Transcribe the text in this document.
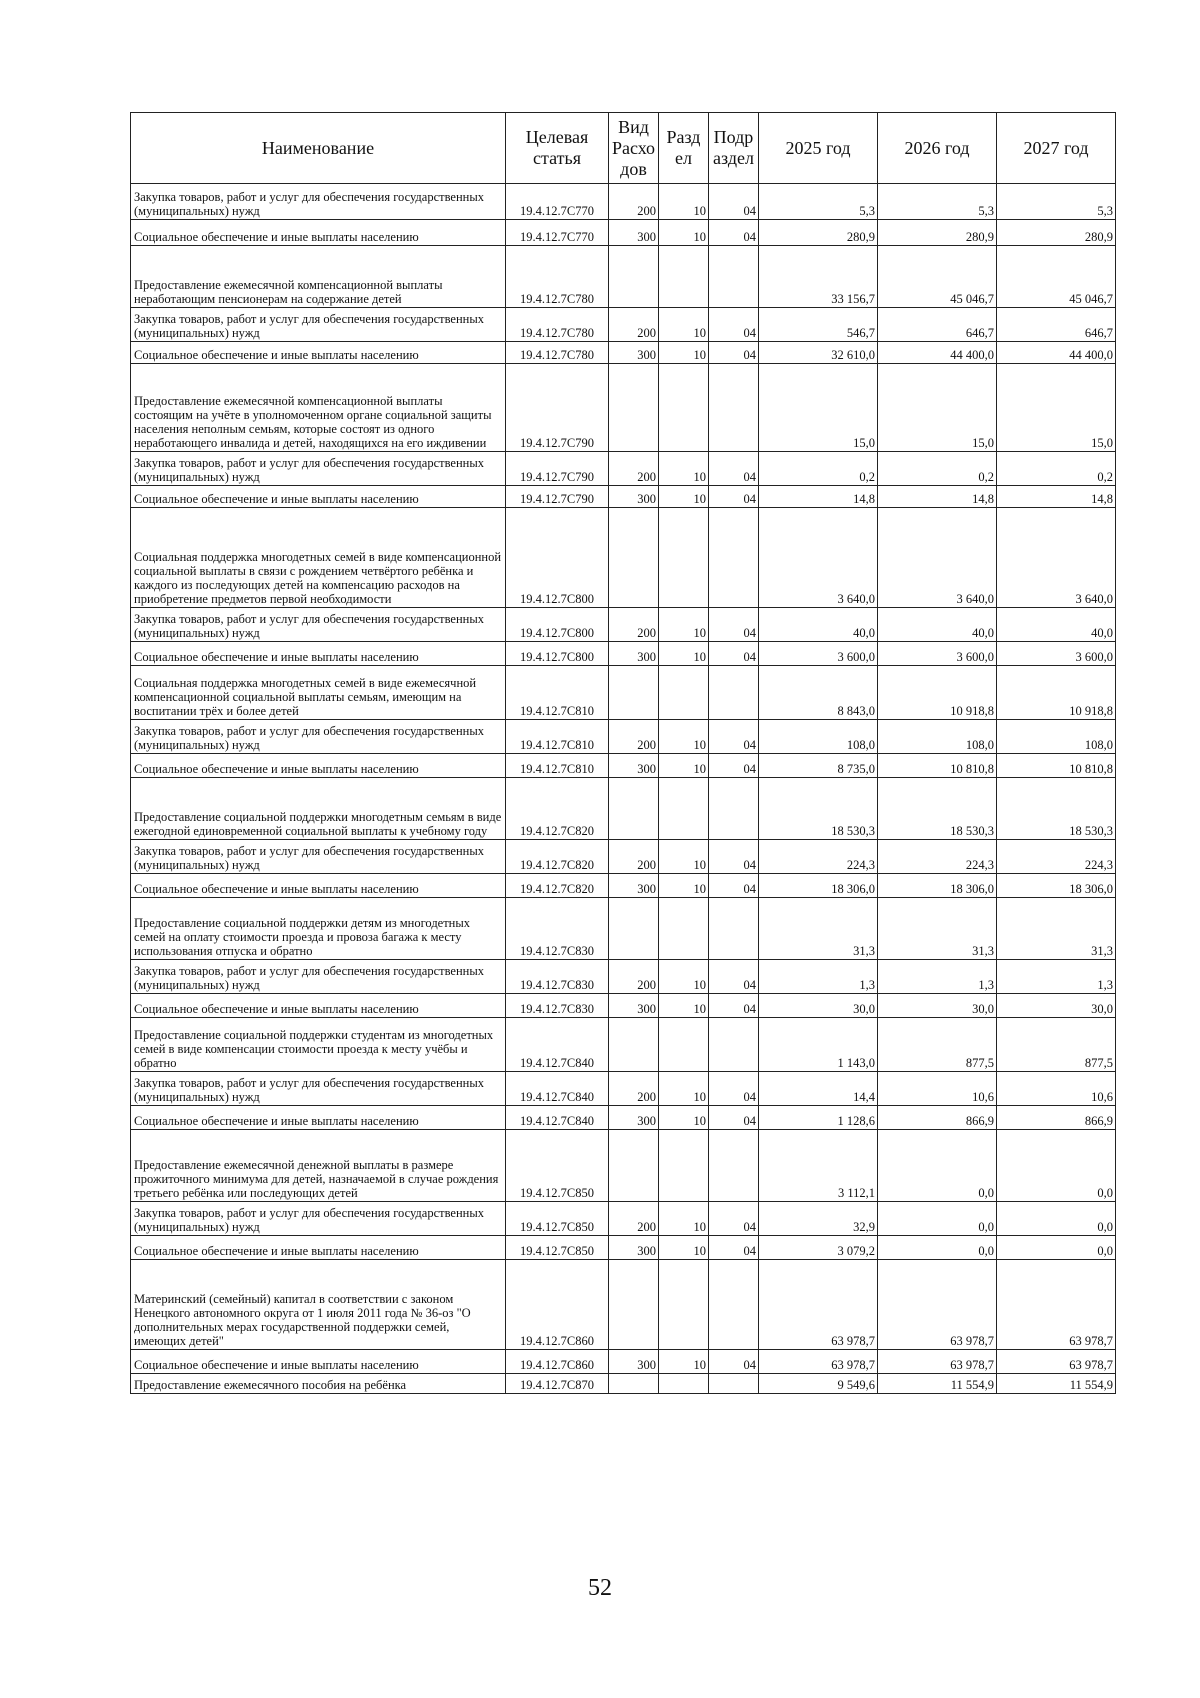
Наименование	Целевая статья	Вид Расхо дов	Разд ел	Подр аздел	2025 год	2026 год	2027 год
Закупка товаров, работ и услуг для обеспечения государственных (муниципальных) нужд	19.4.12.7С770	200	10	04	5,3	5,3	5,3
Социальное обеспечение и иные выплаты населению	19.4.12.7С770	300	10	04	280,9	280,9	280,9
Предоставление ежемесячной компенсационной выплаты неработающим пенсионерам на содержание детей	19.4.12.7С780				33 156,7	45 046,7	45 046,7
Закупка товаров, работ и услуг для обеспечения государственных (муниципальных) нужд	19.4.12.7С780	200	10	04	546,7	646,7	646,7
Социальное обеспечение и иные выплаты населению	19.4.12.7С780	300	10	04	32 610,0	44 400,0	44 400,0
Предоставление ежемесячной компенсационной выплаты состоящим на учёте в уполномоченном органе социальной защиты населения неполным семьям, которые состоят из одного неработающего инвалида и детей, находящихся на его иждивении	19.4.12.7С790				15,0	15,0	15,0
Закупка товаров, работ и услуг для обеспечения государственных (муниципальных) нужд	19.4.12.7С790	200	10	04	0,2	0,2	0,2
Социальное обеспечение и иные выплаты населению	19.4.12.7С790	300	10	04	14,8	14,8	14,8
Социальная поддержка многодетных семей в виде компенсационной социальной выплаты в связи с рождением четвёртого ребёнка и каждого из последующих детей на компенсацию расходов на приобретение предметов первой необходимости	19.4.12.7С800				3 640,0	3 640,0	3 640,0
Закупка товаров, работ и услуг для обеспечения государственных (муниципальных) нужд	19.4.12.7С800	200	10	04	40,0	40,0	40,0
Социальное обеспечение и иные выплаты населению	19.4.12.7С800	300	10	04	3 600,0	3 600,0	3 600,0
Социальная поддержка многодетных семей в виде ежемесячной компенсационной социальной выплаты семьям, имеющим на воспитании трёх и более детей	19.4.12.7С810				8 843,0	10 918,8	10 918,8
Закупка товаров, работ и услуг для обеспечения государственных (муниципальных) нужд	19.4.12.7С810	200	10	04	108,0	108,0	108,0
Социальное обеспечение и иные выплаты населению	19.4.12.7С810	300	10	04	8 735,0	10 810,8	10 810,8
Предоставление социальной поддержки многодетным семьям в виде ежегодной единовременной социальной выплаты к учебному году	19.4.12.7С820				18 530,3	18 530,3	18 530,3
Закупка товаров, работ и услуг для обеспечения государственных (муниципальных) нужд	19.4.12.7С820	200	10	04	224,3	224,3	224,3
Социальное обеспечение и иные выплаты населению	19.4.12.7С820	300	10	04	18 306,0	18 306,0	18 306,0
Предоставление социальной поддержки детям из многодетных семей на оплату стоимости проезда и провоза багажа к месту использования отпуска и обратно	19.4.12.7С830				31,3	31,3	31,3
Закупка товаров, работ и услуг для обеспечения государственных (муниципальных) нужд	19.4.12.7С830	200	10	04	1,3	1,3	1,3
Социальное обеспечение и иные выплаты населению	19.4.12.7С830	300	10	04	30,0	30,0	30,0
Предоставление социальной поддержки студентам из многодетных семей в виде компенсации стоимости проезда к месту учёбы и обратно	19.4.12.7С840				1 143,0	877,5	877,5
Закупка товаров, работ и услуг для обеспечения государственных (муниципальных) нужд	19.4.12.7С840	200	10	04	14,4	10,6	10,6
Социальное обеспечение и иные выплаты населению	19.4.12.7С840	300	10	04	1 128,6	866,9	866,9
Предоставление ежемесячной денежной выплаты в размере прожиточного минимума для детей, назначаемой в случае рождения третьего ребёнка или последующих детей	19.4.12.7С850				3 112,1	0,0	0,0
Закупка товаров, работ и услуг для обеспечения государственных (муниципальных) нужд	19.4.12.7С850	200	10	04	32,9	0,0	0,0
Социальное обеспечение и иные выплаты населению	19.4.12.7С850	300	10	04	3 079,2	0,0	0,0
Материнский (семейный) капитал в соответствии с законом Ненецкого автономного округа от 1 июля 2011 года № 36-оз "О дополнительных мерах государственной поддержки семей, имеющих детей"	19.4.12.7С860				63 978,7	63 978,7	63 978,7
Социальное обеспечение и иные выплаты населению	19.4.12.7С860	300	10	04	63 978,7	63 978,7	63 978,7
Предоставление ежемесячного пособия на ребёнка	19.4.12.7С870				9 549,6	11 554,9	11 554,9
52
